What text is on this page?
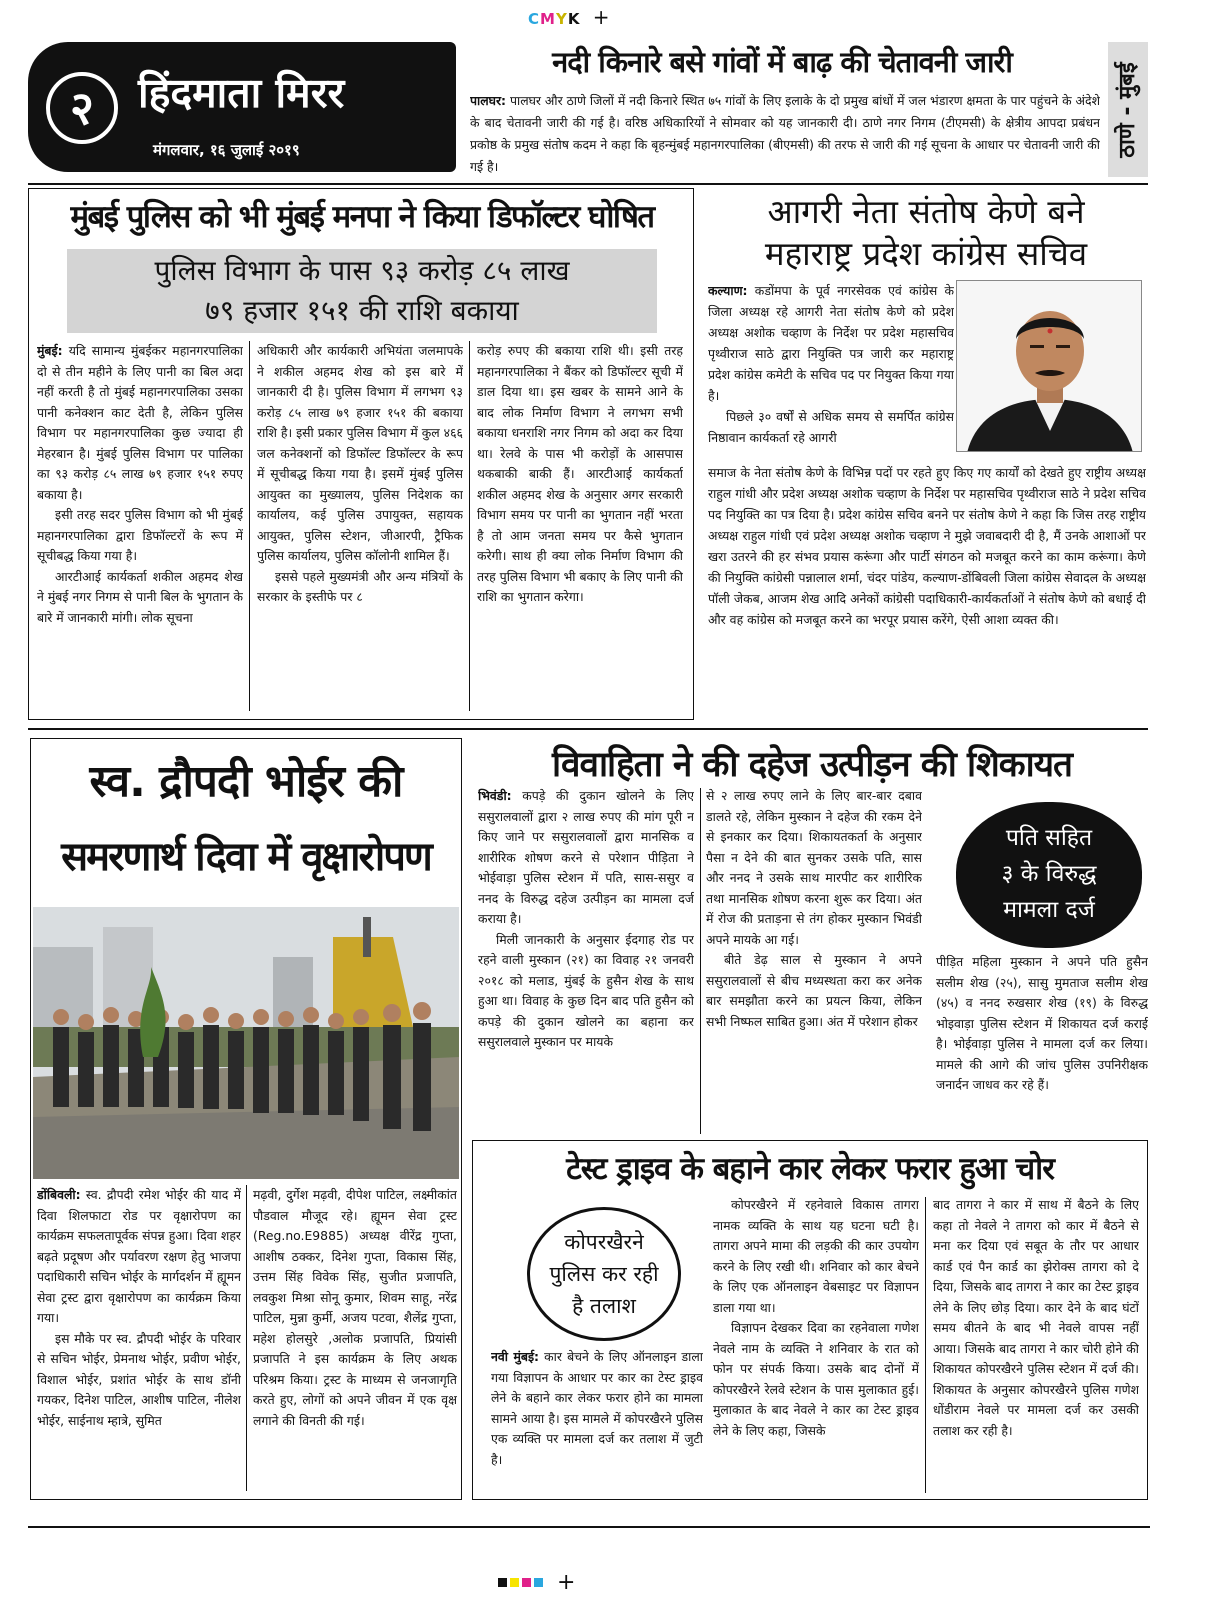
CMYK +
२	हिंदमाता मिरर
मंगलवार, १६ जुलाई २०१९
नदी किनारे बसे गांवों में बाढ़ की चेतावनी जारी
पालघर: पालघर और ठाणे जिलों में नदी किनारे स्थित ७५ गांवों के लिए इलाके के दो प्रमुख बांधों में जल भंडारण क्षमता के पार पहुंचने के अंदेशे के बाद चेतावनी जारी की गई है। वरिष्ठ अधिकारियों ने सोमवार को यह जानकारी दी। ठाणे नगर निगम (टीएमसी) के क्षेत्रीय आपदा प्रबंधन प्रकोष्ठ के प्रमुख संतोष कदम ने कहा कि बृहन्मुंबई महानगरपालिका (बीएमसी) की तरफ से जारी की गई सूचना के आधार पर चेतावनी जारी की गई है।
ठाणे - मुंबई
मुंबई पुलिस को भी मुंबई मनपा ने किया डिफॉल्टर घोषित
पुलिस विभाग के पास ९३ करोड़ ८५ लाख
७९ हजार १५१ की राशि बकाया

मुंबई: यदि सामान्य मुंबईकर महानगरपालिका दो से तीन महीने के लिए पानी का बिल अदा नहीं करती है तो मुंबई महानगरपालिका उसका पानी कनेक्शन काट देती है, लेकिन पुलिस विभाग पर महानगरपालिका कुछ ज्यादा ही मेहरबान है। मुंबई पुलिस विभाग पर पालिका का ९३ करोड़ ८५ लाख ७९ हजार १५१ रुपए बकाया है।

इसी तरह सदर पुलिस विभाग को भी मुंबई महानगरपालिका द्वारा डिफॉल्टरों के रूप में सूचीबद्ध किया गया है।

आरटीआई कार्यकर्ता शकील अहमद शेख ने मुंबई नगर निगम से पानी बिल के भुगतान के बारे में जानकारी मांगी। लोक सूचना

अधिकारी और कार्यकारी अभियंता जलमापके ने शकील अहमद शेख को इस बारे में जानकारी दी है। पुलिस विभाग में लगभग ९३ करोड़ ८५ लाख ७९ हजार १५१ की बकाया राशि है। इसी प्रकार पुलिस विभाग में कुल ४६६ जल कनेक्शनों को डिफॉल्ट डिफॉल्टर के रूप में सूचीबद्ध किया गया है। इसमें मुंबई पुलिस आयुक्त का मुख्यालय, पुलिस निदेशक का कार्यालय, कई पुलिस उपायुक्त, सहायक आयुक्त, पुलिस स्टेशन, जीआरपी, ट्रैफिक पुलिस कार्यालय, पुलिस कॉलोनी शामिल हैं।

इससे पहले मुख्यमंत्री और अन्य मंत्रियों के सरकार के इस्तीफे पर ८

करोड़ रुपए की बकाया राशि थी। इसी तरह महानगरपालिका ने बैंकर को डिफॉल्टर सूची में डाल दिया था। इस खबर के सामने आने के बाद लोक निर्माण विभाग ने लगभग सभी बकाया धनराशि नगर निगम को अदा कर दिया था। रेलवे के पास भी करोड़ों के आसपास थकबाकी बाकी हैं। आरटीआई कार्यकर्ता शकील अहमद शेख के अनुसार अगर सरकारी विभाग समय पर पानी का भुगतान नहीं भरता है तो आम जनता समय पर कैसे भुगतान करेगी। साथ ही क्या लोक निर्माण विभाग की तरह पुलिस विभाग भी बकाए के लिए पानी की राशि का भुगतान करेगा।

आगरी नेता संतोष केणे बने
महाराष्ट्र प्रदेश कांग्रेस सचिव

कल्याण: कडोंमपा के पूर्व नगरसेवक एवं कांग्रेस के जिला अध्यक्ष रहे आगरी नेता संतोष केणे को प्रदेश अध्यक्ष अशोक चव्हाण के निर्देश पर प्रदेश महासचिव पृथ्वीराज साठे द्वारा नियुक्ति पत्र जारी कर महाराष्ट्र प्रदेश कांग्रेस कमेटी के सचिव पद पर नियुक्त किया गया है।

पिछले ३० वर्षों से अधिक समय से समर्पित कांग्रेस निष्ठावान कार्यकर्ता रहे आगरी

समाज के नेता संतोष केणे के विभिन्न पदों पर रहते हुए किए गए कार्यों को देखते हुए राष्ट्रीय अध्यक्ष राहुल गांधी और प्रदेश अध्यक्ष अशोक चव्हाण के निर्देश पर महासचिव पृथ्वीराज साठे ने प्रदेश सचिव पद नियुक्ति का पत्र दिया है। प्रदेश कांग्रेस सचिव बनने पर संतोष केणे ने कहा कि जिस तरह राष्ट्रीय अध्यक्ष राहुल गांधी एवं प्रदेश अध्यक्ष अशोक चव्हाण ने मुझे जवाबदारी दी है, मैं उनके आशाओं पर खरा उतरने की हर संभव प्रयास करूंगा और पार्टी संगठन को मजबूत करने का काम करूंगा। केणे की नियुक्ति कांग्रेसी पन्नालाल शर्मा, चंदर पांडेय, कल्याण-डोंबिवली जिला कांग्रेस सेवादल के अध्यक्ष पॉली जेकब, आजम शेख आदि अनेकों कांग्रेसी पदाधिकारी-कार्यकर्ताओं ने संतोष केणे को बधाई दी और वह कांग्रेस को मजबूत करने का भरपूर प्रयास करेंगे, ऐसी आशा व्यक्त की।

स्व. द्रौपदी भोईर की
समरणार्थ दिवा में वृक्षारोपण

डोंबिवली: स्व. द्रौपदी रमेश भोईर की याद में दिवा शिलफाटा रोड पर वृक्षारोपण का कार्यक्रम सफलतापूर्वक संपन्न हुआ। दिवा शहर बढ़ते प्रदूषण और पर्यावरण रक्षण हेतु भाजपा पदाधिकारी सचिन भोईर के मार्गदर्शन में ह्यूमन सेवा ट्रस्ट द्वारा वृक्षारोपण का कार्यक्रम किया गया।

इस मौके पर स्व. द्रौपदी भोईर के परिवार से सचिन भोईर, प्रेमनाथ भोईर, प्रवीण भोईर, विशाल भोईर, प्रशांत भोईर के साथ डॉनी गयकर, दिनेश पाटिल, आशीष पाटिल, नीलेश भोईर, साईनाथ म्हात्रे, सुमित

मढ़वी, दुर्गेश मढ़वी, दीपेश पाटिल, लक्ष्मीकांत पौडवाल मौजूद रहे। ह्यूमन सेवा ट्रस्ट (Reg.no.E9885) अध्यक्ष वीरेंद्र गुप्ता, आशीष ठक्कर, दिनेश गुप्ता, विकास सिंह, उत्तम सिंह विवेक सिंह, सुजीत प्रजापति, लवकुश मिश्रा सोनू कुमार, शिवम साहू, नरेंद्र पाटिल, मुन्ना कुर्मी, अजय पटवा, शैलेंद्र गुप्ता, महेश होलसुरे ,अलोक प्रजापति, प्रियांसी प्रजापति ने इस कार्यक्रम के लिए अथक परिश्रम किया। ट्रस्ट के माध्यम से जनजागृति करते हुए, लोगों को अपने जीवन में एक वृक्ष लगाने की विनती की गई।

विवाहिता ने की दहेज उत्पीड़न की शिकायत

भिवंडी: कपड़े की दुकान खोलने के लिए ससुरालवालों द्वारा २ लाख रुपए की मांग पूरी न किए जाने पर ससुरालवालों द्वारा मानसिक व शारीरिक शोषण करने से परेशान पीड़िता ने भोईवाड़ा पुलिस स्टेशन में पति, सास-ससुर व ननद के विरुद्ध दहेज उत्पीड़न का मामला दर्ज कराया है।

मिली जानकारी के अनुसार ईदगाह रोड पर रहने वाली मुस्कान (२१) का विवाह २१ जनवरी २०१८ को मलाड, मुंबई के हुसैन शेख के साथ हुआ था। विवाह के कुछ दिन बाद पति हुसैन को कपड़े की दुकान खोलने का बहाना कर ससुरालवाले मुस्कान पर मायके

से २ लाख रुपए लाने के लिए बार-बार दबाव डालते रहे, लेकिन मुस्कान ने दहेज की रकम देने से इनकार कर दिया। शिकायतकर्ता के अनुसार पैसा न देने की बात सुनकर उसके पति, सास और ननद ने उसके साथ मारपीट कर शारीरिक तथा मानसिक शोषण करना शुरू कर दिया। अंत में रोज की प्रताड़ना से तंग होकर मुस्कान भिवंडी अपने मायके आ गई।

बीते डेढ़ साल से मुस्कान ने अपने ससुरालवालों से बीच मध्यस्थता करा कर अनेक बार समझौता करने का प्रयत्न किया, लेकिन सभी निष्फल साबित हुआ। अंत में परेशान होकर

पति सहित
३ के विरुद्ध
मामला दर्ज

पीड़ित महिला मुस्कान ने अपने पति हुसैन सलीम शेख (२५), सासु मुमताज सलीम शेख (४५) व ननद रुखसार शेख (१९) के विरुद्ध भोइवाड़ा पुलिस स्टेशन में शिकायत दर्ज कराई है। भोईवाड़ा पुलिस ने मामला दर्ज कर लिया। मामले की आगे की जांच पुलिस उपनिरीक्षक जनार्दन जाधव कर रहे हैं।

टेस्ट ड्राइव के बहाने कार लेकर फरार हुआ चोर
कोपरखैरने
पुलिस कर रही
है तलाश

नवी मुंबई: कार बेचने के लिए ऑनलाइन डाला गया विज्ञापन के आधार पर कार का टेस्ट ड्राइव लेने के बहाने कार लेकर फरार होने का मामला सामने आया है। इस मामले में कोपरखैरने पुलिस एक व्यक्ति पर मामला दर्ज कर तलाश में जुटी है।

कोपरखैरने में रहनेवाले विकास तागरा नामक व्यक्ति के साथ यह घटना घटी है। तागरा अपने मामा की लड़की की कार उपयोग करने के लिए रखी थी। शनिवार को कार बेचने के लिए एक ऑनलाइन वेबसाइट पर विज्ञापन डाला गया था।

विज्ञापन देखकर दिवा का रहनेवाला गणेश नेवले नाम के व्यक्ति ने शनिवार के रात को फोन पर संपर्क किया। उसके बाद दोनों में कोपरखैरने रेलवे स्टेशन के पास मुलाकात हुई। मुलाकात के बाद नेवले ने कार का टेस्ट ड्राइव लेने के लिए कहा, जिसके

बाद तागरा ने कार में साथ में बैठने के लिए कहा तो नेवले ने तागरा को कार में बैठने से मना कर दिया एवं सबूत के तौर पर आधार कार्ड एवं पैन कार्ड का झेरोक्स तागरा को दे दिया, जिसके बाद तागरा ने कार का टेस्ट ड्राइव लेने के लिए छोड़ दिया। कार देने के बाद घंटों समय बीतने के बाद भी नेवले वापस नहीं आया। जिसके बाद तागरा ने कार चोरी होने की शिकायत कोपरखैरने पुलिस स्टेशन में दर्ज की। शिकायत के अनुसार कोपरखैरने पुलिस गणेश धोंडीराम नेवले पर मामला दर्ज कर उसकी तलाश कर रही है।

+
